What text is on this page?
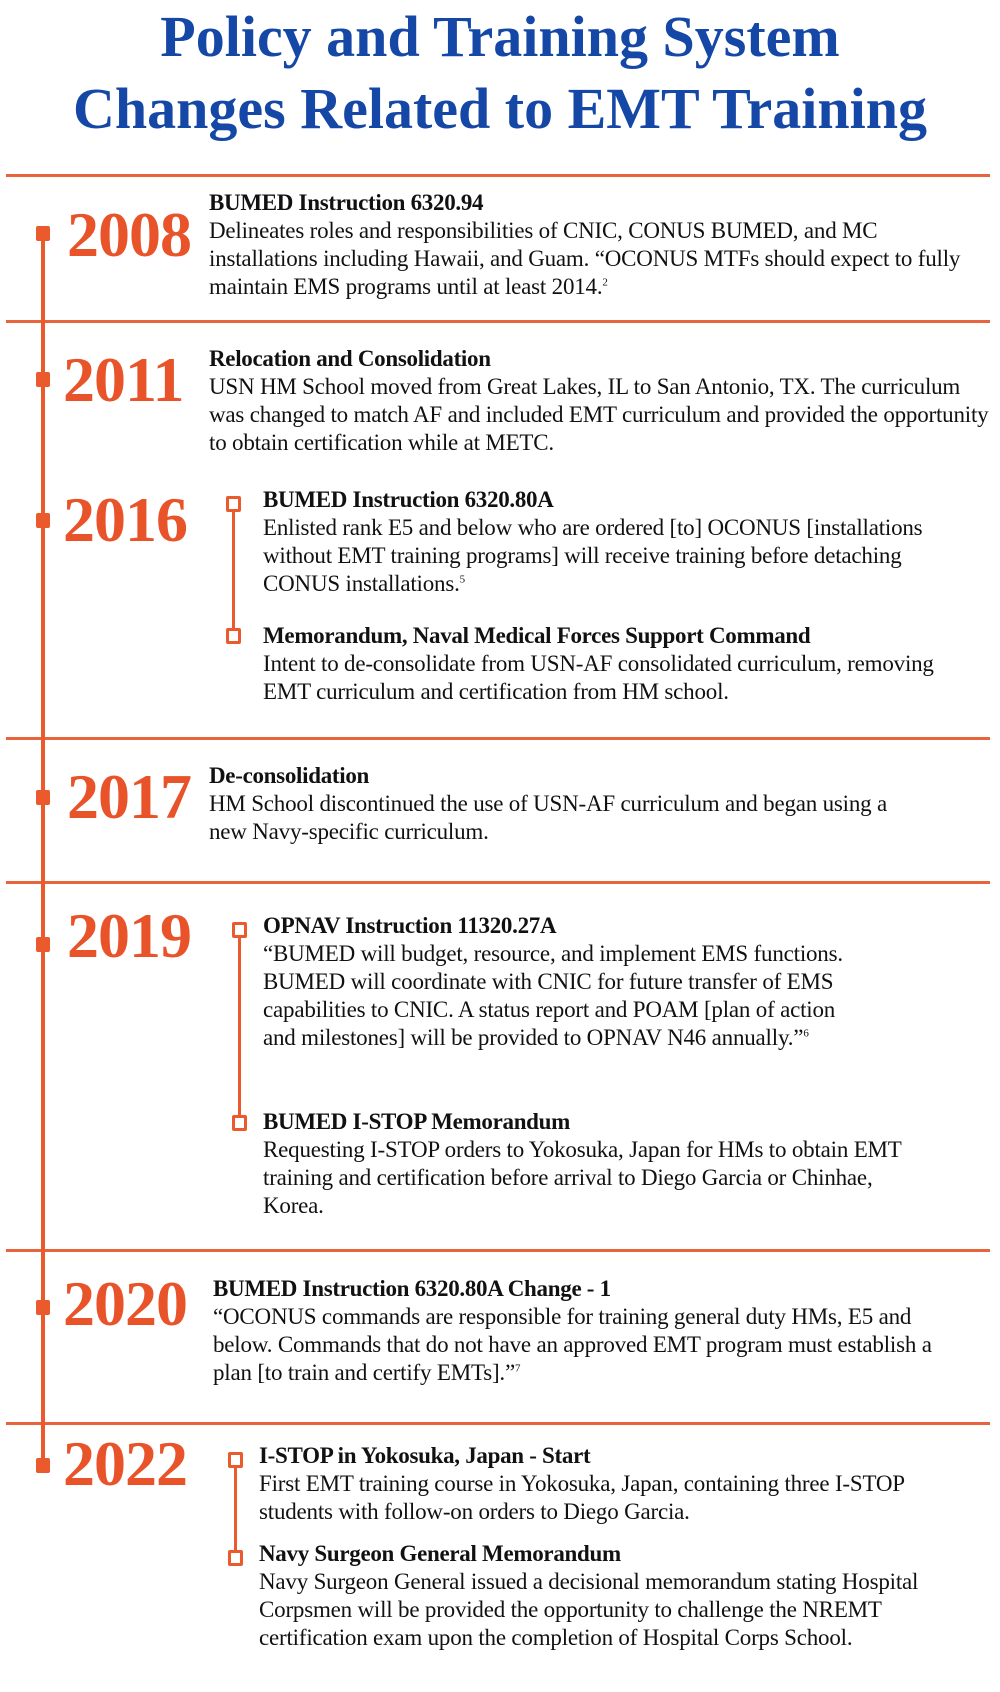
Policy and Training System
Changes Related to EMT Training
2008 BUMED Instruction 6320.94
Delineates roles and responsibilities of CNIC, CONUS BUMED, and MC installations including Hawaii, and Guam. “OCONUS MTFs should expect to fully maintain EMS programs until at least 2014.$^2$
2011 Relocation and Consolidation
USN HM School moved from Great Lakes, IL to San Antonio, TX. The curriculum was changed to match AF and included EMT curriculum and provided the opportunity to obtain certification while at METC.
2016	BUMED Instruction 6320.80A
Enlisted rank E5 and below who are ordered [to] OCONUS [installations without EMT training programs] will receive training before detaching CONUS installations.$^5$
Memorandum, Naval Medical Forces Support Command
Intent to de-consolidate from USN-AF consolidated curriculum, removing EMT curriculum and certification from HM school.
2017 De-consolidation
HM School discontinued the use of USN-AF curriculum and began using a new Navy-specific curriculum.
2019	OPNAV Instruction 11320.27A
“BUMED will budget, resource, and implement EMS functions. BUMED will coordinate with CNIC for future transfer of EMS capabilities to CNIC. A status report and POAM [plan of action and milestones] will be provided to OPNAV N46 annually.”$^6$
BUMED I-STOP Memorandum
Requesting I-STOP orders to Yokosuka, Japan for HMs to obtain EMT training and certification before arrival to Diego Garcia or Chinhae, Korea.
2020 BUMED Instruction 6320.80A Change - 1
“OCONUS commands are responsible for training general duty HMs, E5 and below. Commands that do not have an approved EMT program must establish a plan [to train and certify EMTs].”$^7$
2022	I-STOP in Yokosuka, Japan - Start
First EMT training course in Yokosuka, Japan, containing three I-STOP students with follow-on orders to Diego Garcia.
Navy Surgeon General Memorandum
Navy Surgeon General issued a decisional memorandum stating Hospital Corpsmen will be provided the opportunity to challenge the NREMT certification exam upon the completion of Hospital Corps School.
